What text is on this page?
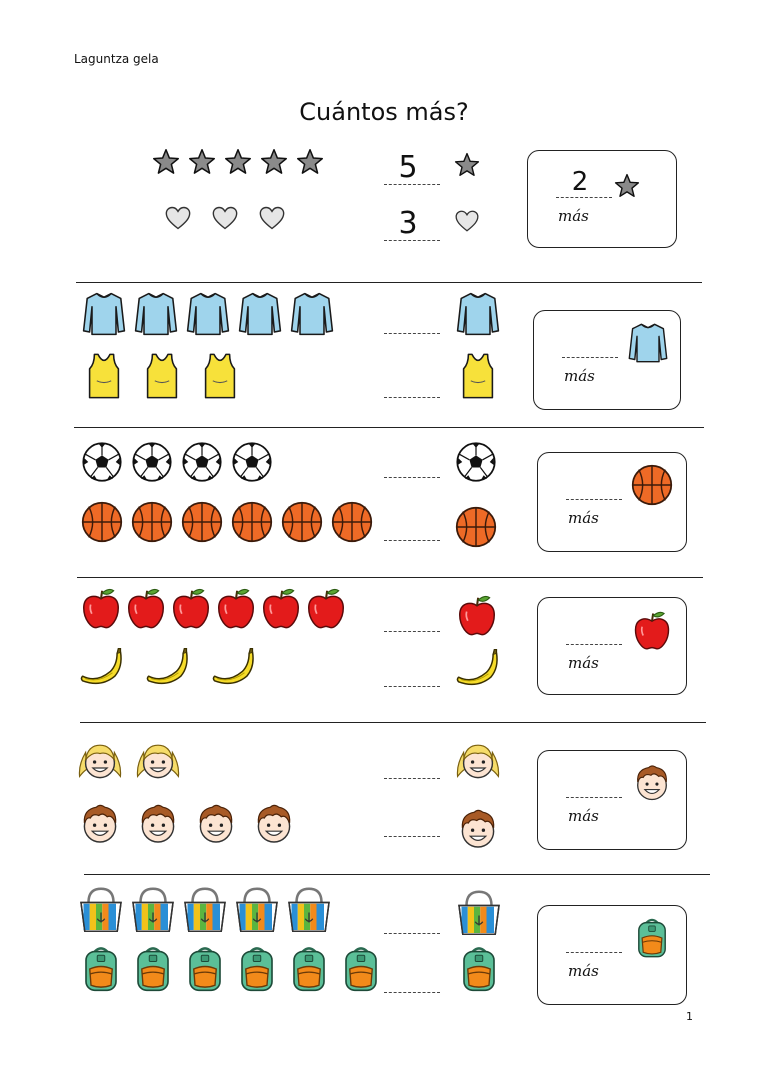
Laguntza gela
Cuántos más?
1
5
3
2
más
más
más
más
más
más
